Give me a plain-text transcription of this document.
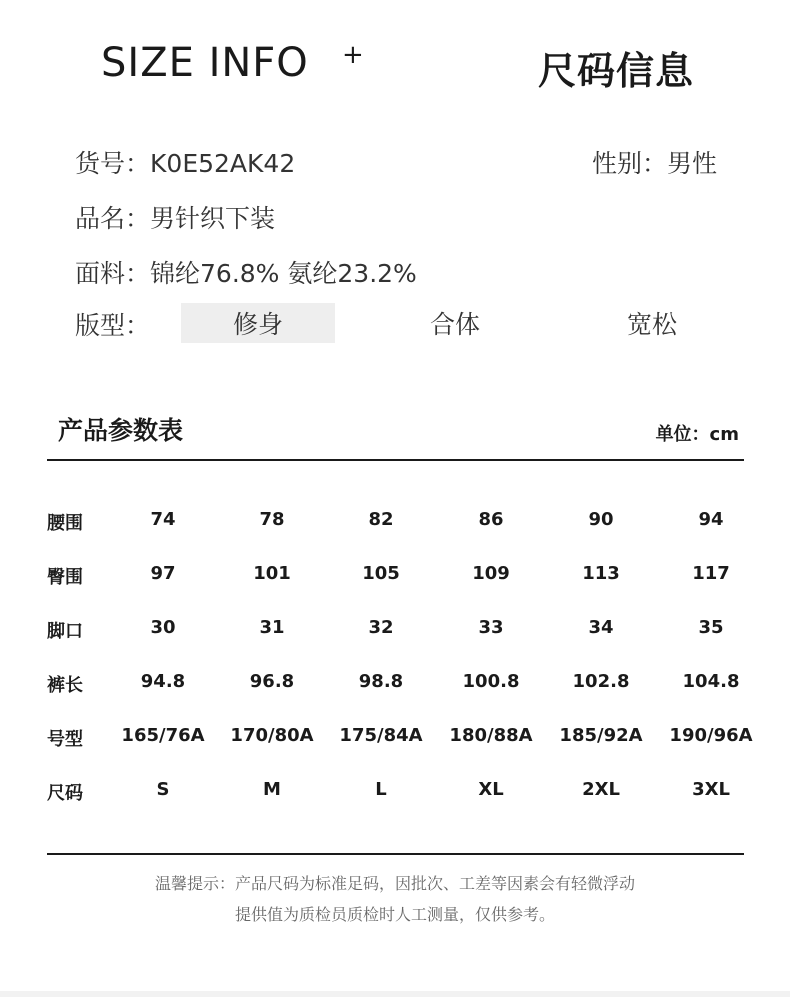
SIZE INFO +	尺码信息
货号：K0E52AK42	性别：男性
品名：男针织下装
面料：锦纶76.8% 氨纶23.2%
版型：	修身	合体	宽松
产品参数表	单位：cm
腰围	74	78	82	86	90	94
臀围	97	101	105	109	113	117
脚口	30	31	32	33	34	35
裤长	94.8	96.8	98.8	100.8	102.8	104.8
号型	165/76A	170/80A	175/84A	180/88A	185/92A	190/96A
尺码	S	M	L	XL	2XL	3XL
温馨提示：产品尺码为标准足码，因批次、工差等因素会有轻微浮动
提供值为质检员质检时人工测量，仅供参考。
